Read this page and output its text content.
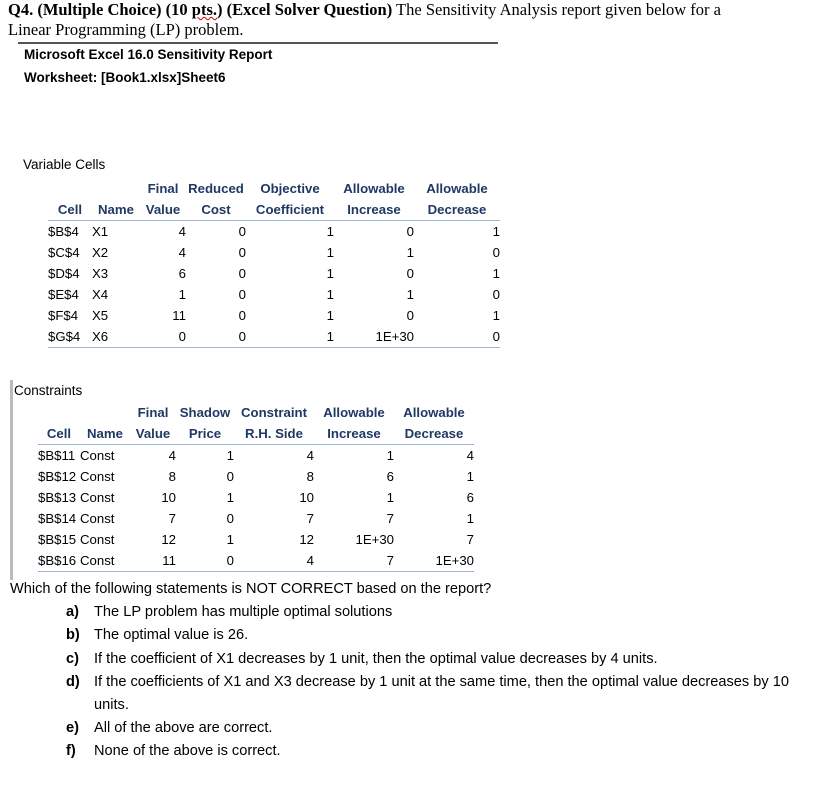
Q4. (Multiple Choice) (10 pts.) (Excel Solver Question) The Sensitivity Analysis report given below for a
Linear Programming (LP) problem.
Microsoft Excel 16.0 Sensitivity Report
Worksheet: [Book1.xlsx]Sheet6
Variable Cells
		Final	Reduced	Objective	Allowable	Allowable
Cell	Name	Value	Cost	Coefficient	Increase	Decrease
$B$4	X1	4	0	1	0	1
$C$4	X2	4	0	1	1	0
$D$4	X3	6	0	1	0	1
$E$4	X4	1	0	1	1	0
$F$4	X5	11	0	1	0	1
$G$4	X6	0	0	1	1E+30	0
Constraints
		Final	Shadow	Constraint	Allowable	Allowable
Cell	Name	Value	Price	R.H. Side	Increase	Decrease
$B$11	Const	4	1	4	1	4
$B$12	Const	8	0	8	6	1
$B$13	Const	10	1	10	1	6
$B$14	Const	7	0	7	7	1
$B$15	Const	12	1	12	1E+30	7
$B$16	Const	11	0	4	7	1E+30
Which of the following statements is NOT CORRECT based on the report?
a)	The LP problem has multiple optimal solutions
b) The optimal value is 26.
c)	If the coefficient of X1 decreases by 1 unit, then the optimal value decreases by 4 units.
d) If the coefficients of X1 and X3 decrease by 1 unit at the same time, then the optimal value decreases by 10 units.
e)	All of the above are correct.
f)	None of the above is correct.
